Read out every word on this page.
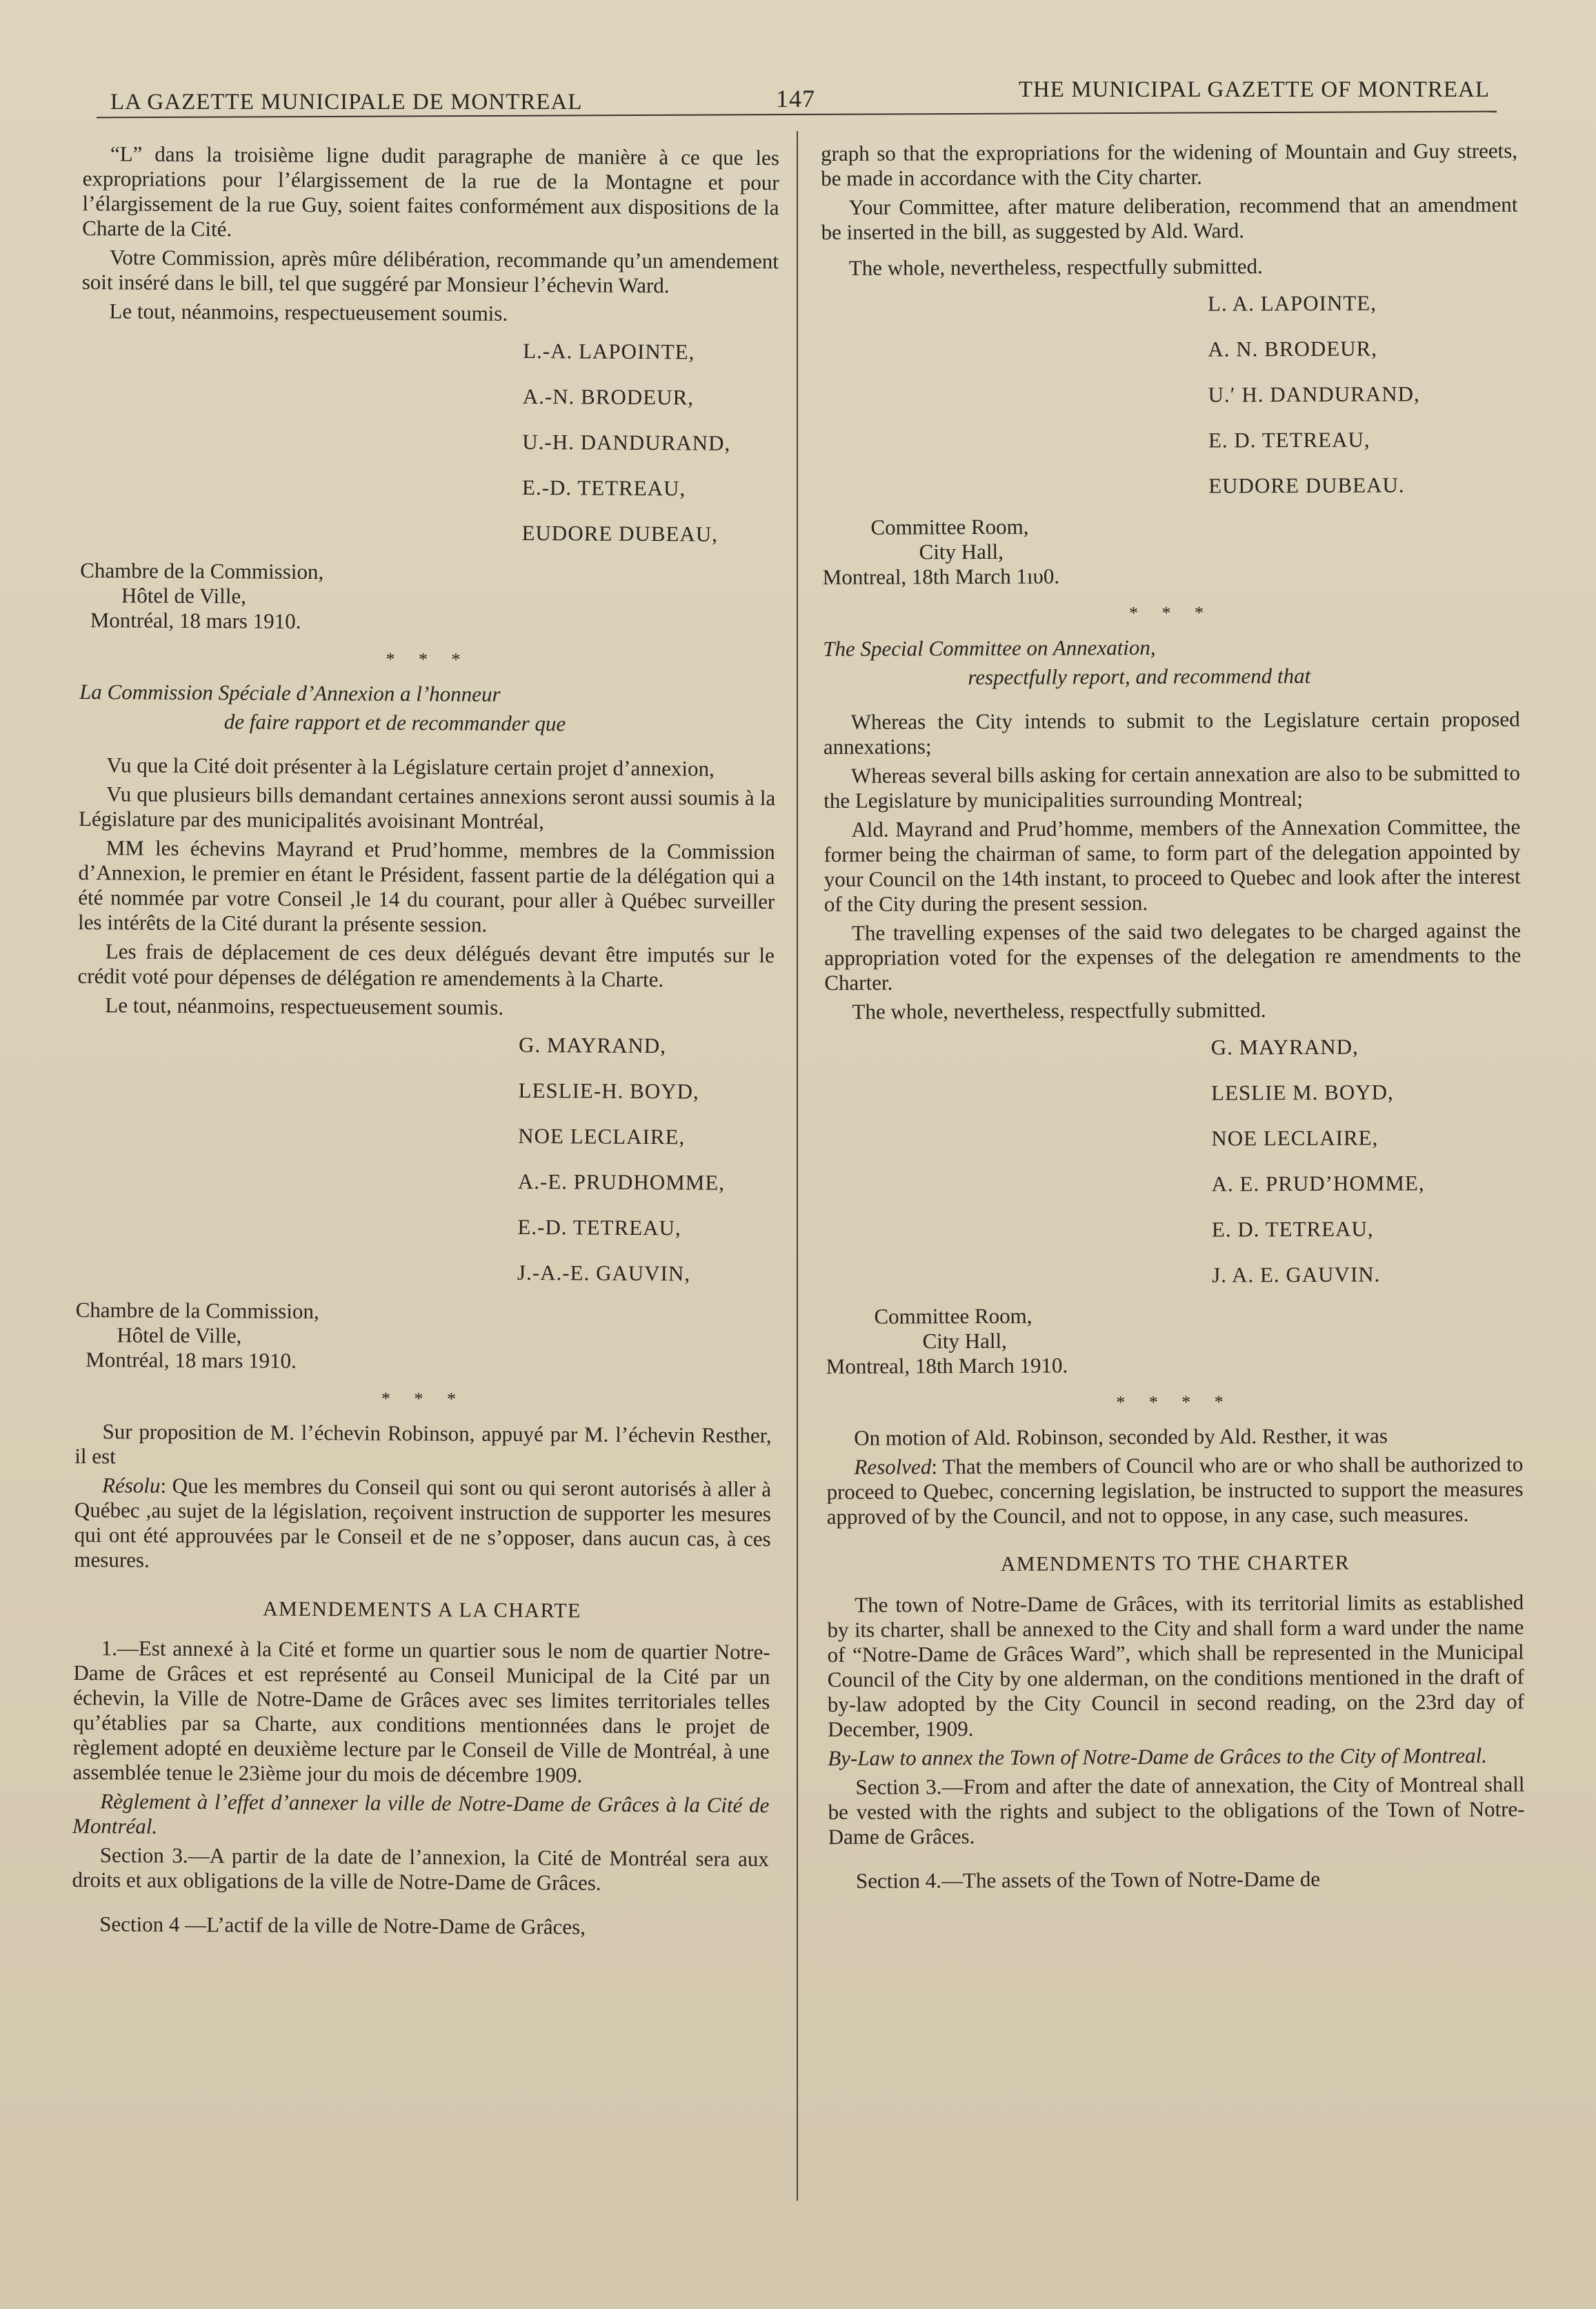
LA GAZETTE MUNICIPALE DE MONTREAL	147	THE MUNICIPAL GAZETTE OF MONTREAL

“L” dans la troisième ligne dudit paragraphe de manière à ce que les expropriations pour l’élargissement de la rue de la Montagne et pour l’élargissement de la rue Guy, soient faites conformément aux dispositions de la Charte de la Cité.

Votre Commission, après mûre délibération, recommande qu’un amendement soit inséré dans le bill, tel que suggéré par Monsieur l’échevin Ward.

Le tout, néanmoins, respectueusement soumis.

L.-A. LAPOINTE,

A.-N. BRODEUR,

U.-H. DANDURAND,

E.-D. TETREAU,

EUDORE DUBEAU,

Chambre de la Commission,
Hôtel de Ville,
Montréal, 18 mars 1910.
* * *

La Commission Spéciale d’Annexion a l’honneur

de faire rapport et de recommander que

Vu que la Cité doit présenter à la Législature certain projet d’annexion,

Vu que plusieurs bills demandant certaines annexions seront aussi soumis à la Législature par des municipalités avoisinant Montréal,

MM les échevins Mayrand et Prud’homme, membres de la Commission d’Annexion, le premier en étant le Président, fassent partie de la délégation qui a été nommée par votre Conseil ,le 14 du courant, pour aller à Québec surveiller les intérêts de la Cité durant la présente session.

Les frais de déplacement de ces deux délégués devant être imputés sur le crédit voté pour dépenses de délégation re amendements à la Charte.

Le tout, néanmoins, respectueusement soumis.

G. MAYRAND,

LESLIE-H. BOYD,

NOE LECLAIRE,

A.-E. PRUDHOMME,

E.-D. TETREAU,

J.-A.-E. GAUVIN,

Chambre de la Commission,
Hôtel de Ville,
Montréal, 18 mars 1910.
* * *

Sur proposition de M. l’échevin Robinson, appuyé par M. l’échevin Resther, il est

Résolu: Que les membres du Conseil qui sont ou qui seront autorisés à aller à Québec ,au sujet de la législation, reçoivent instruction de supporter les mesures qui ont été approuvées par le Conseil et de ne s’opposer, dans aucun cas, à ces mesures.

AMENDEMENTS A LA CHARTE

1.—Est annexé à la Cité et forme un quartier sous le nom de quartier Notre-Dame de Grâces et est représenté au Conseil Municipal de la Cité par un échevin, la Ville de Notre-Dame de Grâces avec ses limites territoriales telles qu’établies par sa Charte, aux conditions mentionnées dans le projet de règlement adopté en deuxième lecture par le Conseil de Ville de Montréal, à une assemblée tenue le 23ième jour du mois de décembre 1909.

Règlement à l’effet d’annexer la ville de Notre-Dame de Grâces à la Cité de Montréal.

Section 3.—A partir de la date de l’annexion, la Cité de Montréal sera aux droits et aux obligations de la ville de Notre-Dame de Grâces.

Section 4 —L’actif de la ville de Notre-Dame de Grâces,

graph so that the expropriations for the widening of Mountain and Guy streets, be made in accordance with the City charter.

Your Committee, after mature deliberation, recommend that an amendment be inserted in the bill, as suggested by Ald. Ward.

The whole, nevertheless, respectfully submitted.

L. A. LAPOINTE,

A. N. BRODEUR,

U.′ H. DANDURAND,

E. D. TETREAU,

EUDORE DUBEAU.

Committee Room,
City Hall,
Montreal, 18th March 1ıυ0.
* * *

The Special Committee on Annexation,

respectfully report, and recommend that

Whereas the City intends to submit to the Legislature certain proposed annexations;

Whereas several bills asking for certain annexation are also to be submitted to the Legislature by municipalities surrounding Montreal;

Ald. Mayrand and Prud’homme, members of the Annexation Committee, the former being the chairman of same, to form part of the delegation appointed by your Council on the 14th instant, to proceed to Quebec and look after the interest of the City during the present session.

The travelling expenses of the said two delegates to be charged against the appropriation voted for the expenses of the delegation re amendments to the Charter.

The whole, nevertheless, respectfully submitted.

G. MAYRAND,

LESLIE M. BOYD,

NOE LECLAIRE,

A. E. PRUD’HOMME,

E. D. TETREAU,

J. A. E. GAUVIN.

Committee Room,
City Hall,
Montreal, 18th March 1910.
* * * *

On motion of Ald. Robinson, seconded by Ald. Resther, it was

Resolved: That the members of Council who are or who shall be authorized to proceed to Quebec, concerning legislation, be instructed to support the measures approved of by the Council, and not to oppose, in any case, such measures.

AMENDMENTS TO THE CHARTER

The town of Notre-Dame de Grâces, with its territorial limits as established by its charter, shall be annexed to the City and shall form a ward under the name of “Notre-Dame de Grâces Ward”, which shall be represented in the Municipal Council of the City by one alderman, on the conditions mentioned in the draft of by-law adopted by the City Council in second reading, on the 23rd day of December, 1909.

By-Law to annex the Town of Notre-Dame de Grâces to the City of Montreal.

Section 3.—From and after the date of annexation, the City of Montreal shall be vested with the rights and subject to the obligations of the Town of Notre-Dame de Grâces.

Section 4.—The assets of the Town of Notre-Dame de
